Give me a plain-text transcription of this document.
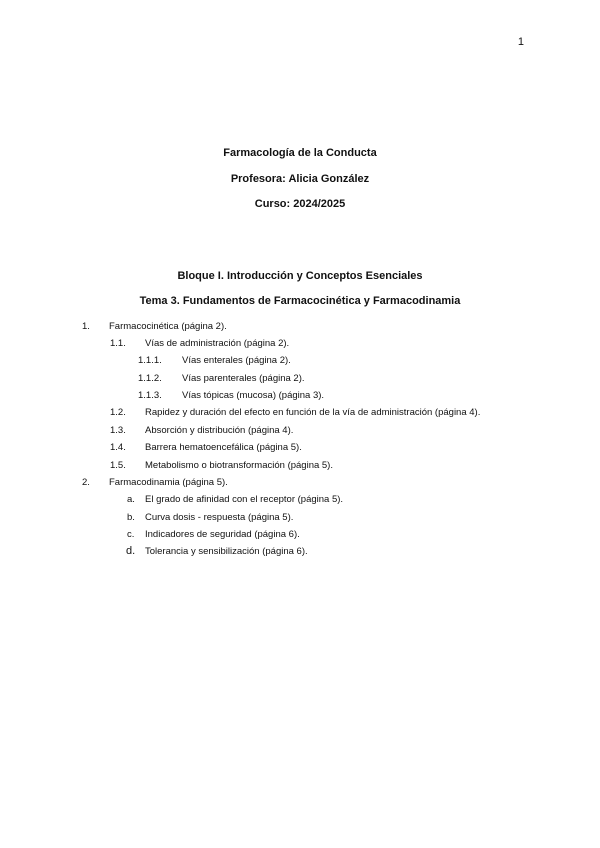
1
Farmacología de la Conducta
Profesora: Alicia González
Curso: 2024/2025
Bloque I. Introducción y Conceptos Esenciales
Tema 3. Fundamentos de Farmacocinética y Farmacodinamia
1. Farmacocinética (página 2).
1.1. Vías de administración (página 2).
1.1.1. Vías enterales (página 2).
1.1.2. Vías parenterales (página 2).
1.1.3. Vías tópicas (mucosa) (página 3).
1.2. Rapidez y duración del efecto en función de la vía de administración (página 4).
1.3. Absorción y distribución (página 4).
1.4. Barrera hematoencefálica (página 5).
1.5. Metabolismo o biotransformación (página 5).
2. Farmacodinamia (página 5).
a. El grado de afinidad con el receptor (página 5).
b. Curva dosis - respuesta (página 5).
c. Indicadores de seguridad (página 6).
d. Tolerancia y sensibilización (página 6).
